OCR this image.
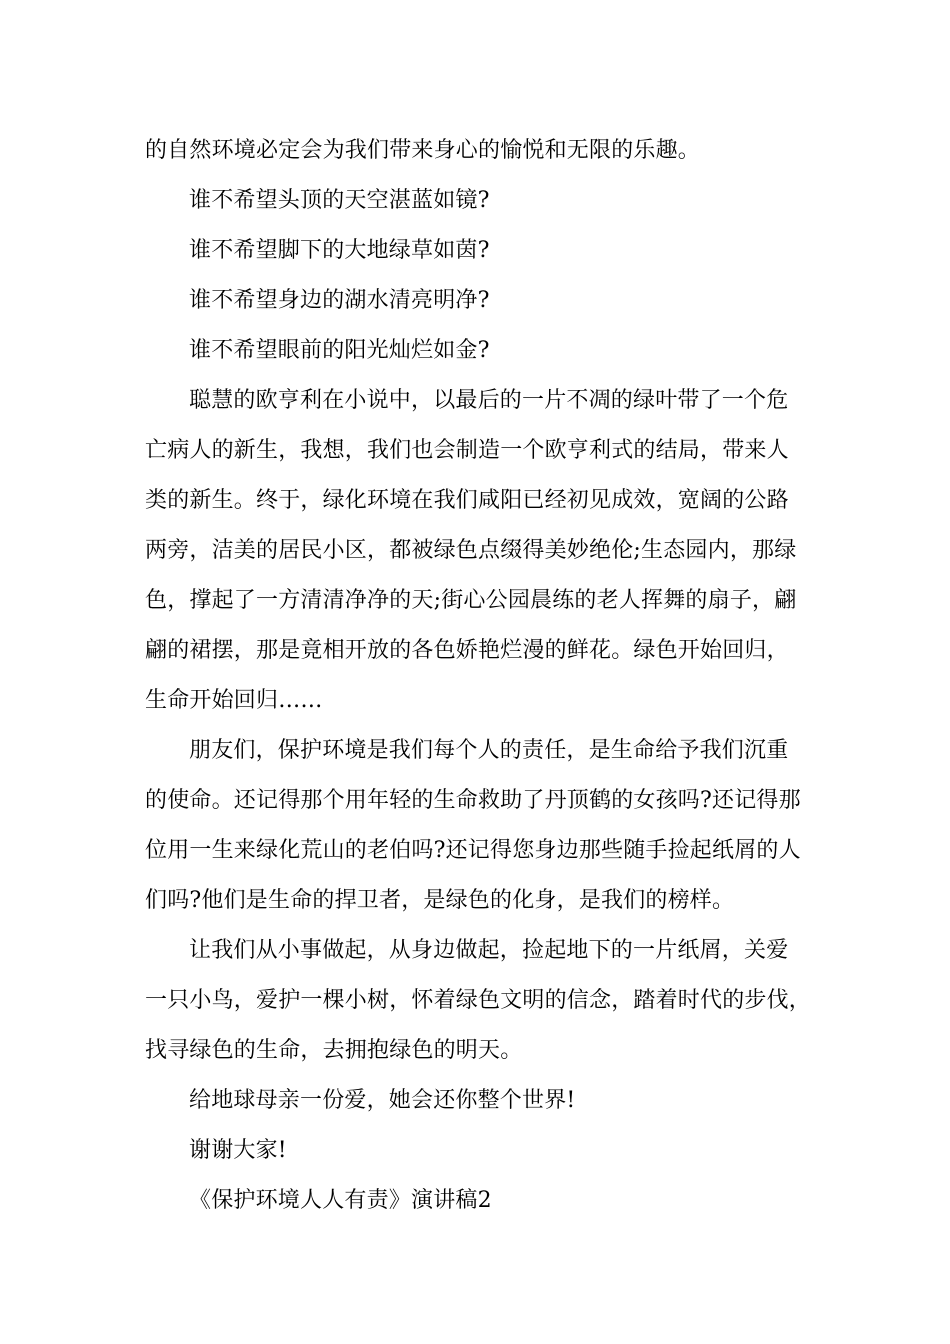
的自然环境必定会为我们带来身心的愉悦和无限的乐趣。
谁不希望头顶的天空湛蓝如镜?
谁不希望脚下的大地绿草如茵?
谁不希望身边的湖水清亮明净?
谁不希望眼前的阳光灿烂如金?
聪慧的欧亨利在小说中，以最后的一片不凋的绿叶带了一个危
亡病人的新生，我想，我们也会制造一个欧亨利式的结局，带来人
类的新生。终于，绿化环境在我们咸阳已经初见成效，宽阔的公路
两旁，洁美的居民小区，都被绿色点缀得美妙绝伦;生态园内，那绿
色，撑起了一方清清净净的天;街心公园晨练的老人挥舞的扇子，翩
翩的裙摆，那是竟相开放的各色娇艳烂漫的鲜花。绿色开始回归，
生命开始回归……
朋友们，保护环境是我们每个人的责任，是生命给予我们沉重
的使命。还记得那个用年轻的生命救助了丹顶鹤的女孩吗?还记得那
位用一生来绿化荒山的老伯吗?还记得您身边那些随手捡起纸屑的人
们吗?他们是生命的捍卫者，是绿色的化身，是我们的榜样。
让我们从小事做起，从身边做起，捡起地下的一片纸屑，关爱
一只小鸟，爱护一棵小树，怀着绿色文明的信念，踏着时代的步伐，
找寻绿色的生命，去拥抱绿色的明天。
给地球母亲一份爱，她会还你整个世界!
谢谢大家!
《保护环境人人有责》演讲稿2
